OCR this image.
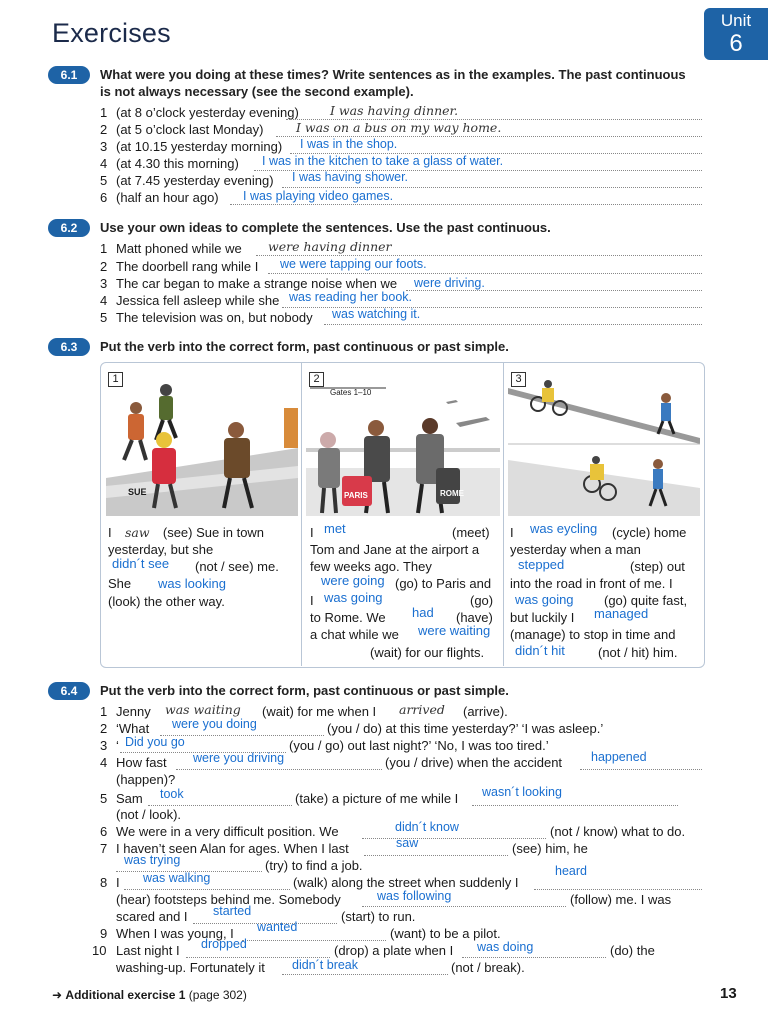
Exercises	Unit
6
6.1	What were you doing at these times? Write sentences as in the examples. The past continuous
is not always necessary (see the second example).
1 (at 8 o’clock yesterday evening) I was having dinner.
2 (at 5 o’clock last Monday)	I was on a bus on my way home.
3 (at 10.15 yesterday morning) I was in the shop.
4 (at 4.30 this morning) I was in the kitchen to take a glass of water.
5 (at 7.45 yesterday evening) I was having shower.
6 (half an hour ago) I was playing video games.
6.2	Use your own ideas to complete the sentences. Use the past continuous.
1 Matt phoned while we were having dinner
2 The doorbell rang while I we were tapping our foots.
3 The car began to make a strange noise when we were driving.
4 Jessica fell asleep while she was reading her book.
5 The television was on, but nobody was watching it.
6.3	Put the verb into the correct form, past continuous or past simple.
1
SUE
2
Gates 1–10
PARIS	ROME
3
I saw (see) Sue in town
yesterday, but she
didn´t see (not / see) me.
She was looking
(look) the other way.
I met	(meet)
Tom and Jane at the airport a
few weeks ago. They
were going (go) to Paris and
I was going	(go)
to Rome. We had (have)
a chat while we were waiting
(wait) for our flights.
I was eycling (cycle) home
yesterday when a man
stepped	(step) out
into the road in front of me. I
was going (go) quite fast,
but luckily I managed
(manage) to stop in time and
didn´t hit	(not / hit) him.
6.4	Put the verb into the correct form, past continuous or past simple.
1 Jenny was waiting (wait) for me when I arrived (arrive).
2 ‘What were you doing	(you / do) at this time yesterday?’ ‘I was asleep.’
3 ‘ Did you go	(you / go) out last night?’ ‘No, I was too tired.’
4 How fast were you driving	(you / drive) when the accident happened
(happen)?
5 Sam took	(take) a picture of me while I wasn´t looking
(not / look).
6 We were in a very difficult position. We	didn´t know	(not / know) what to do.
7 I haven’t seen Alan for ages. When I last	saw	(see) him, he
was trying	(try) to find a job.
8 I was walking	(walk) along the street when suddenly I
heard
(hear) footsteps behind me. Somebody	was following	(follow) me. I was
scared and I started	(start) to run.
9 When I was young, I wanted	(want) to be a pilot.
10 Last night I dropped	(drop) a plate when I was doing	(do) the
washing-up. Fortunately it didn´t break	(not / break).
➜ Additional exercise 1 (page 302)	13
